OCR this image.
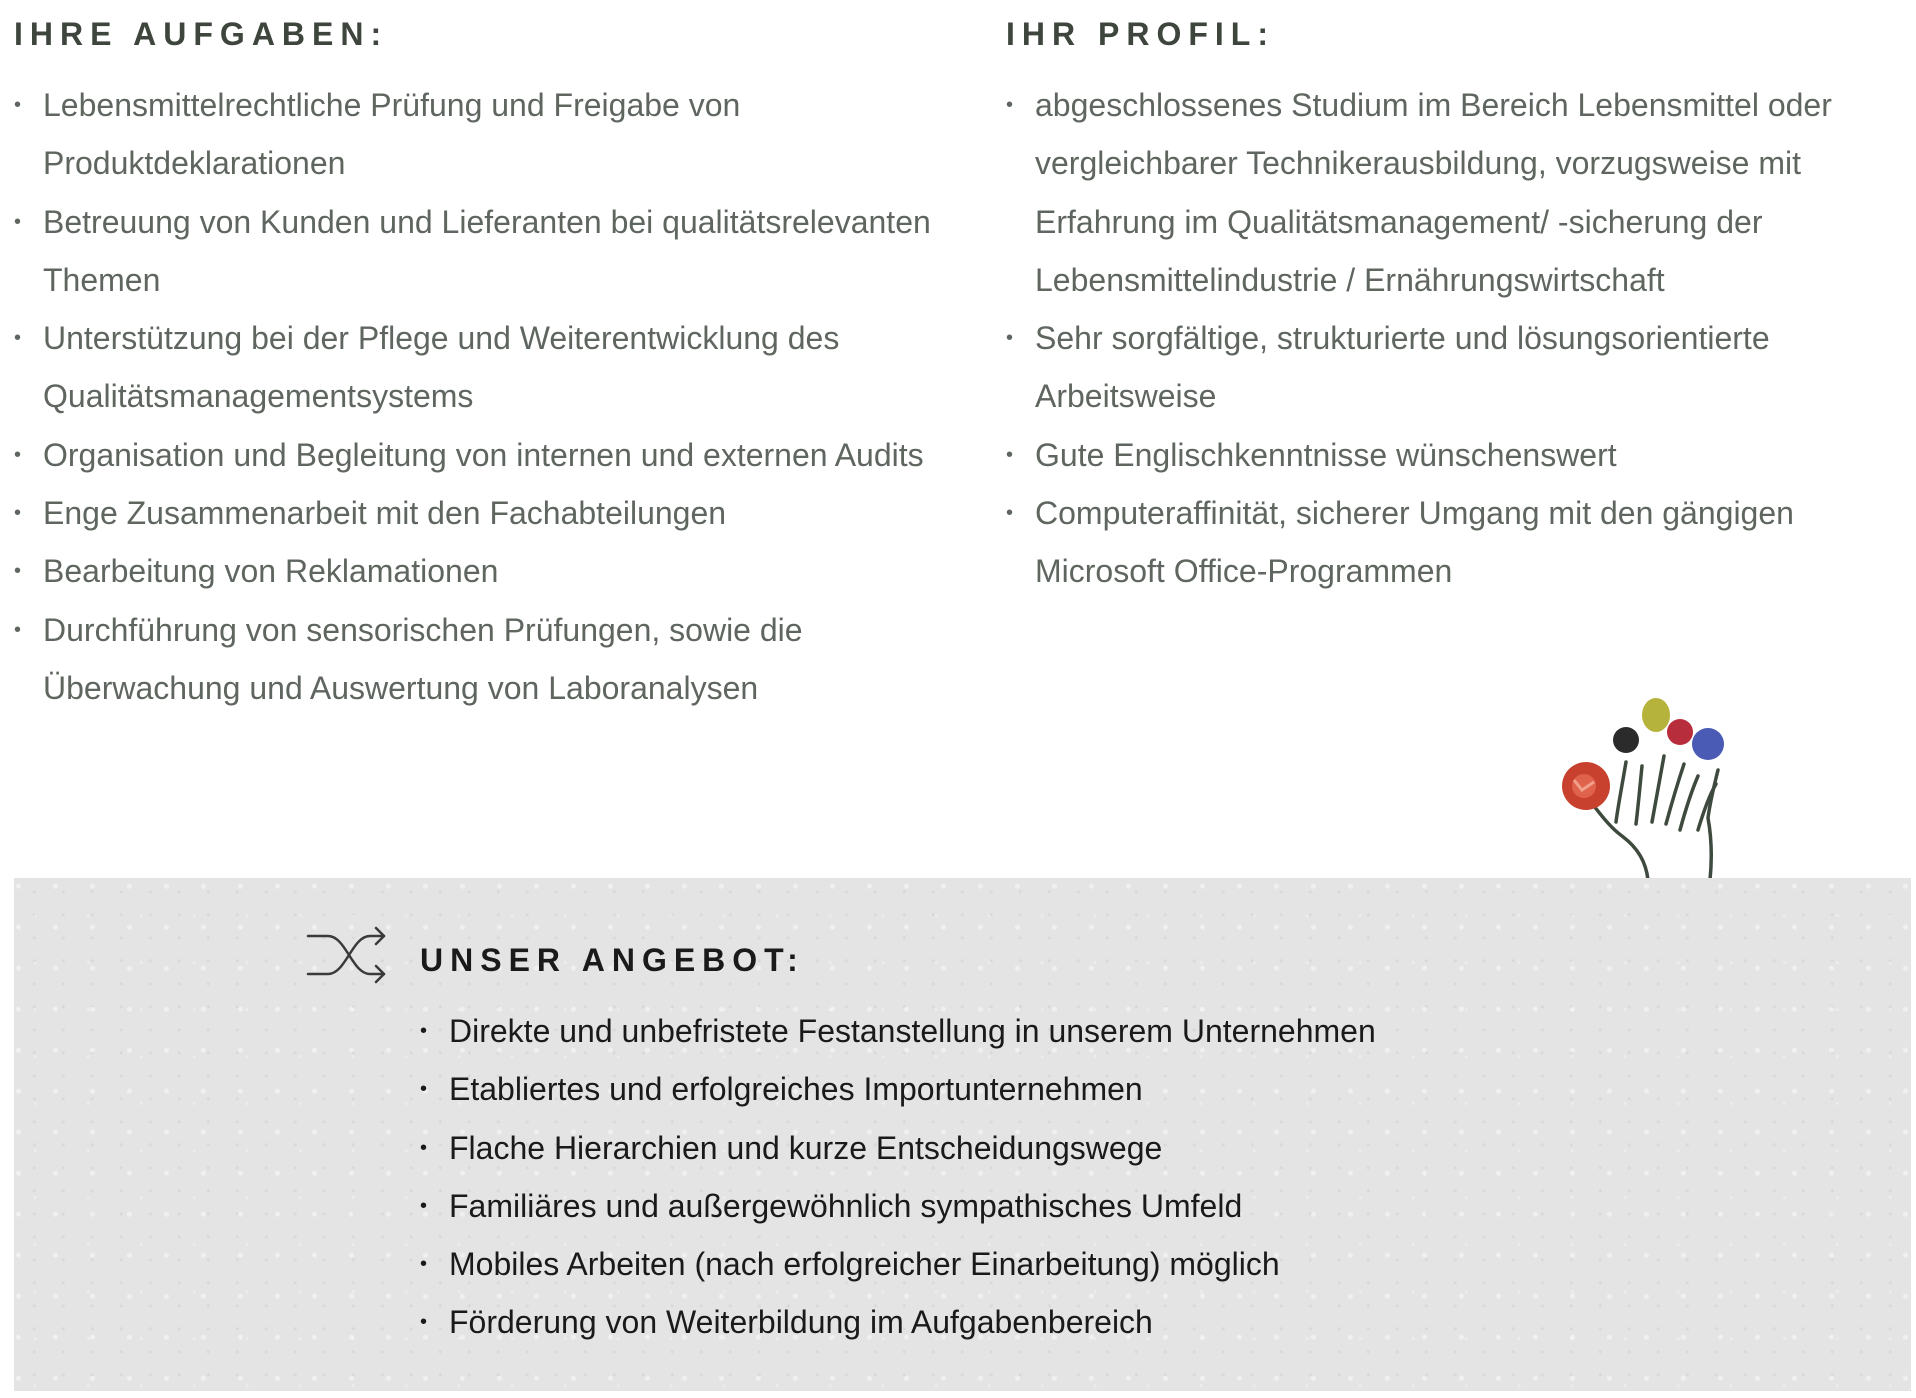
IHRE AUFGABEN:
• Lebensmittelrechtliche Prüfung und Freigabe von Produktdeklarationen
• Betreuung von Kunden und Lieferanten bei qualitätsrelevanten Themen
• Unterstützung bei der Pflege und Weiterentwicklung des Qualitätsmanagementsystems
• Organisation und Begleitung von internen und externen Audits
• Enge Zusammenarbeit mit den Fachabteilungen
• Bearbeitung von Reklamationen
• Durchführung von sensorischen Prüfungen, sowie die Überwachung und Auswertung von Laboranalysen
IHR PROFIL:
• abgeschlossenes Studium im Bereich Lebensmittel oder vergleichbarer Technikerausbildung, vorzugsweise mit Erfahrung im Qualitätsmanagement/ -sicherung der Lebensmittelindustrie / Ernährungswirtschaft
• Sehr sorgfältige, strukturierte und lösungsorientierte Arbeitsweise
• Gute Englischkenntnisse wünschenswert
• Computeraffinität, sicherer Umgang mit den gängigen Microsoft Office-Programmen
UNSER ANGEBOT:
• Direkte und unbefristete Festanstellung in unserem Unternehmen
• Etabliertes und erfolgreiches Importunternehmen
• Flache Hierarchien und kurze Entscheidungswege
• Familiäres und außergewöhnlich sympathisches Umfeld
• Mobiles Arbeiten (nach erfolgreicher Einarbeitung) möglich
• Förderung von Weiterbildung im Aufgabenbereich
